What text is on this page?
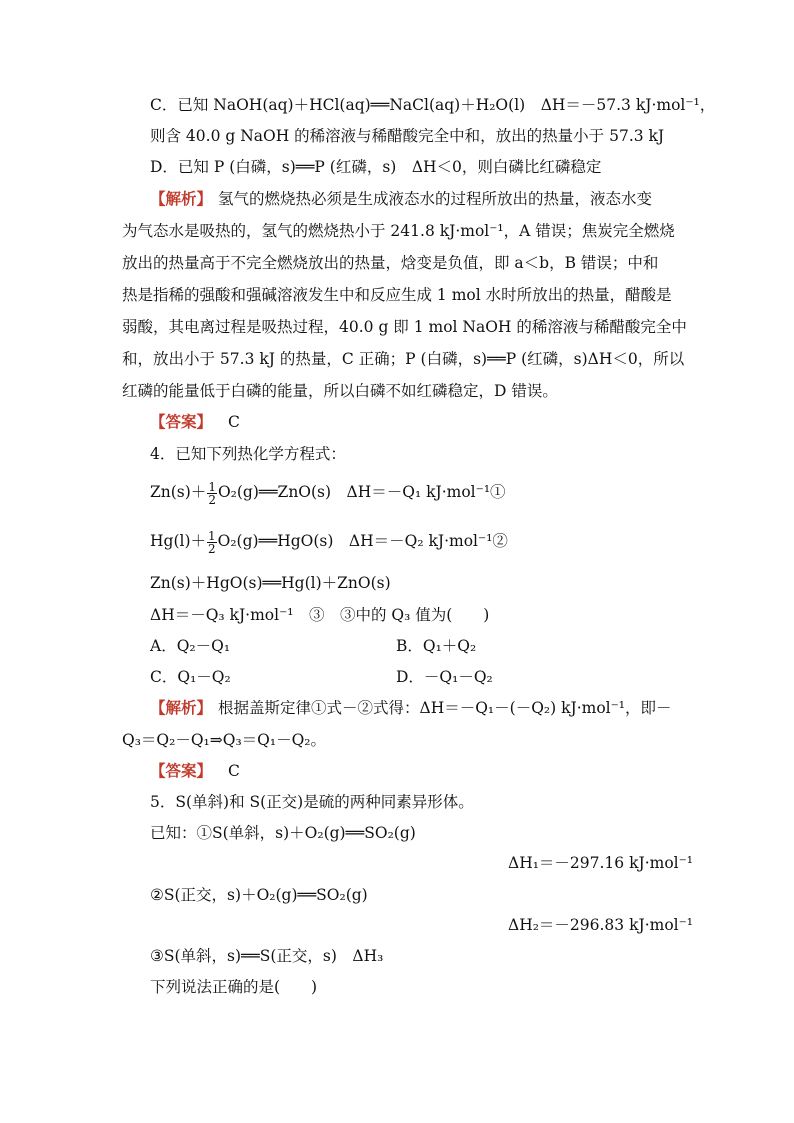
C．已知 NaOH(aq)＋HCl(aq)══NaCl(aq)＋H₂O(l)　ΔH＝－57.3 kJ·mol⁻¹，
则含 40.0 g NaOH 的稀溶液与稀醋酸完全中和，放出的热量小于 57.3 kJ
D．已知 P (白磷，s)══P (红磷，s)　ΔH＜0，则白磷比红磷稳定
【解析】 氢气的燃烧热必须是生成液态水的过程所放出的热量，液态水变
为气态水是吸热的，氢气的燃烧热小于 241.8 kJ·mol⁻¹，A 错误；焦炭完全燃烧
放出的热量高于不完全燃烧放出的热量，焓变是负值，即 a＜b，B 错误；中和
热是指稀的强酸和强碱溶液发生中和反应生成 1 mol 水时所放出的热量，醋酸是
弱酸，其电离过程是吸热过程，40.0 g 即 1 mol NaOH 的稀溶液与稀醋酸完全中
和，放出小于 57.3 kJ 的热量，C 正确；P (白磷，s)══P (红磷，s)ΔH＜0，所以
红磷的能量低于白磷的能量，所以白磷不如红磷稳定，D 错误。
【答案】 C
4．已知下列热化学方程式：
$Zn(s)+ \frac{1}{2}$ O₂(g)══ZnO(s)　ΔH＝－Q₁ kJ·mol⁻¹①
$Hg(l)+ \frac{1}{2}$ O₂(g)══HgO(s)　ΔH＝－Q₂ kJ·mol⁻¹②
Zn(s)＋HgO(s)══Hg(l)＋ZnO(s)
ΔH＝－Q₃ kJ·mol⁻¹　③　③中的 Q₃ 值为(　　)
A．Q₂－Q₁	B．Q₁＋Q₂
C．Q₁－Q₂	D．－Q₁－Q₂
【解析】 根据盖斯定律①式－②式得：ΔH＝－Q₁－(－Q₂) kJ·mol⁻¹，即－
Q₃＝Q₂－Q₁⇒Q₃＝Q₁－Q₂。
【答案】 C
5．S(单斜)和 S(正交)是硫的两种同素异形体。
已知：①S(单斜，s)＋O₂(g)══SO₂(g)
ΔH₁＝－297.16 kJ·mol⁻¹
②S(正交，s)＋O₂(g)══SO₂(g)
ΔH₂＝－296.83 kJ·mol⁻¹
③S(单斜，s)══S(正交，s)　ΔH₃
下列说法正确的是(　　)
